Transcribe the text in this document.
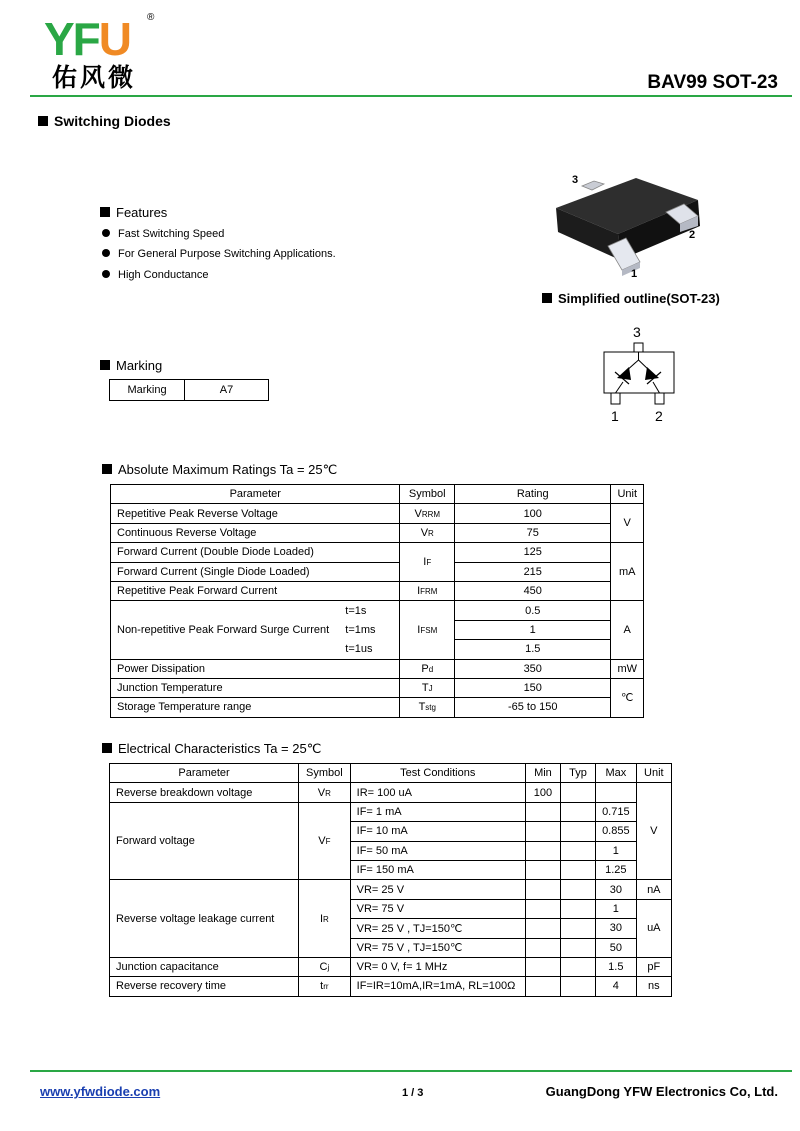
YFU ®
佑风微	BAV99 SOT-23
Switching Diodes
Features
Fast Switching Speed
For General Purpose Switching Applications.
High Conductance
3
2
1
Simplified outline(SOT-23)
3
1	2
Marking
Marking	A7
Absolute Maximum Ratings Ta = 25℃
Parameter		Symbol	Rating	Unit
Repetitive Peak Reverse Voltage		VRRM	100	V
Continuous Reverse Voltage		VR	75	
Forward Current (Double Diode Loaded)		IF	125	mA
Forward Current (Single Diode Loaded)			215	
Repetitive Peak Forward Current		IFRM	450	
Non-repetitive Peak Forward Surge Current	t=1s	IFSM	0.5	A
	t=1ms		1	
	t=1us		1.5	
Power Dissipation		Pd	350	mW
Junction Temperature		TJ	150	℃
Storage Temperature range		Tstg	-65 to 150	
Electrical Characteristics Ta = 25℃
Parameter	Symbol	Test Conditions	Min	Typ	Max	Unit
Reverse breakdown voltage	VR	IR= 100 uA	100			V
Forward voltage	VF	IF= 1 mA			0.715	
		IF= 10 mA			0.855	
		IF= 50 mA			1	
		IF= 150 mA			1.25	
Reverse voltage leakage current	IR	VR= 25 V			30	nA
		VR= 75 V			1	uA
		VR= 25 V , TJ=150℃			30	
		VR= 75 V , TJ=150℃			50	
Junction capacitance	Cj	VR= 0 V, f= 1 MHz			1.5	pF
Reverse recovery time	trr	IF=IR=10mA,IR=1mA, RL=100Ω			4	ns
www.yfwdiode.com	1 / 3	GuangDong YFW Electronics Co, Ltd.
